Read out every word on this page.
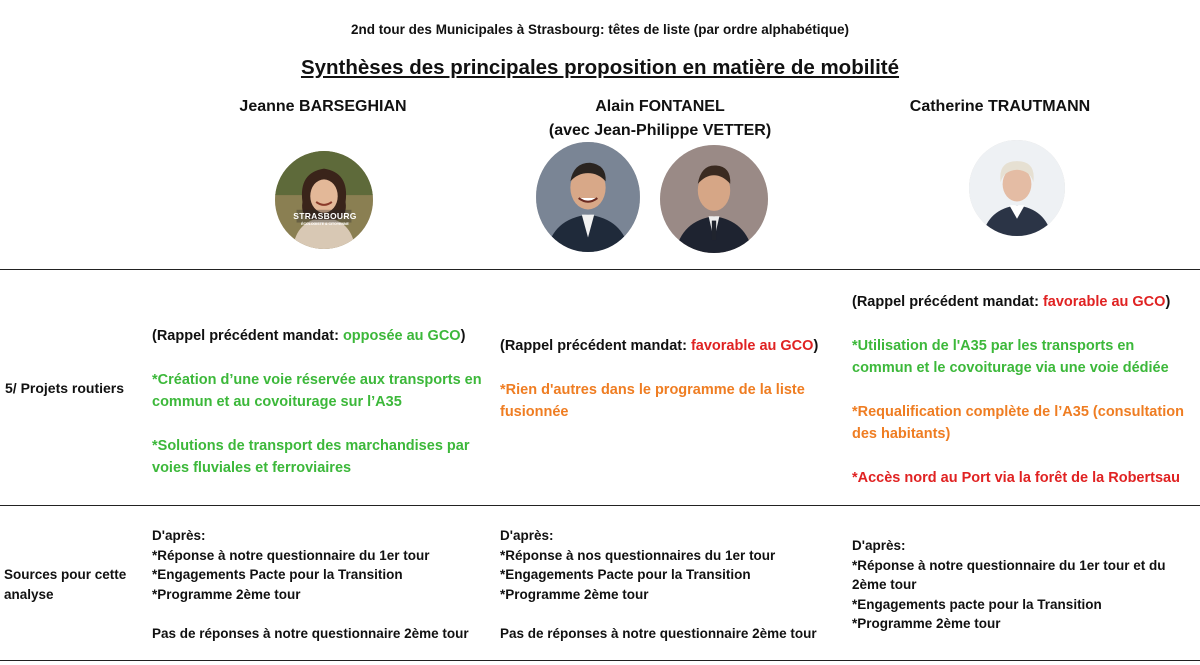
2nd tour des Municipales à Strasbourg: têtes de liste (par ordre alphabétique)
Synthèses des principales proposition en matière de mobilité
Jeanne BARSEGHIAN	Alain FONTANEL
(avec Jean-Philippe VETTER)
Catherine TRAUTMANN
STRASBOURG
ÉCOLOGISTE & CITOYENNE
5/ Projets routiers

(Rappel précédent mandat: opposée au GCO)

*Création d’une voie réservée aux transports en commun et au covoiturage sur l’A35

*Solutions de transport des marchandises par voies fluviales et ferroviaires

(Rappel précédent mandat: favorable au GCO)

*Rien d'autres dans le programme de la liste fusionnée

(Rappel précédent mandat: favorable au GCO)

*Utilisation de l'A35 par les transports en commun et le covoiturage via une voie dédiée

*Requalification complète de l’A35 (consultation des habitants)

*Accès nord au Port via la forêt de la Robertsau

Sources pour cette analyse

D'après:

*Réponse à notre questionnaire du 1er tour

*Engagements Pacte pour la Transition

*Programme 2ème tour

Pas de réponses à notre questionnaire 2ème tour

D'après:

*Réponse à nos questionnaires du 1er tour

*Engagements Pacte pour la Transition

*Programme 2ème tour

Pas de réponses à notre questionnaire 2ème tour

D'après:

*Réponse à notre questionnaire du 1er tour et du 2ème tour

*Engagements pacte pour la Transition

*Programme 2ème tour
